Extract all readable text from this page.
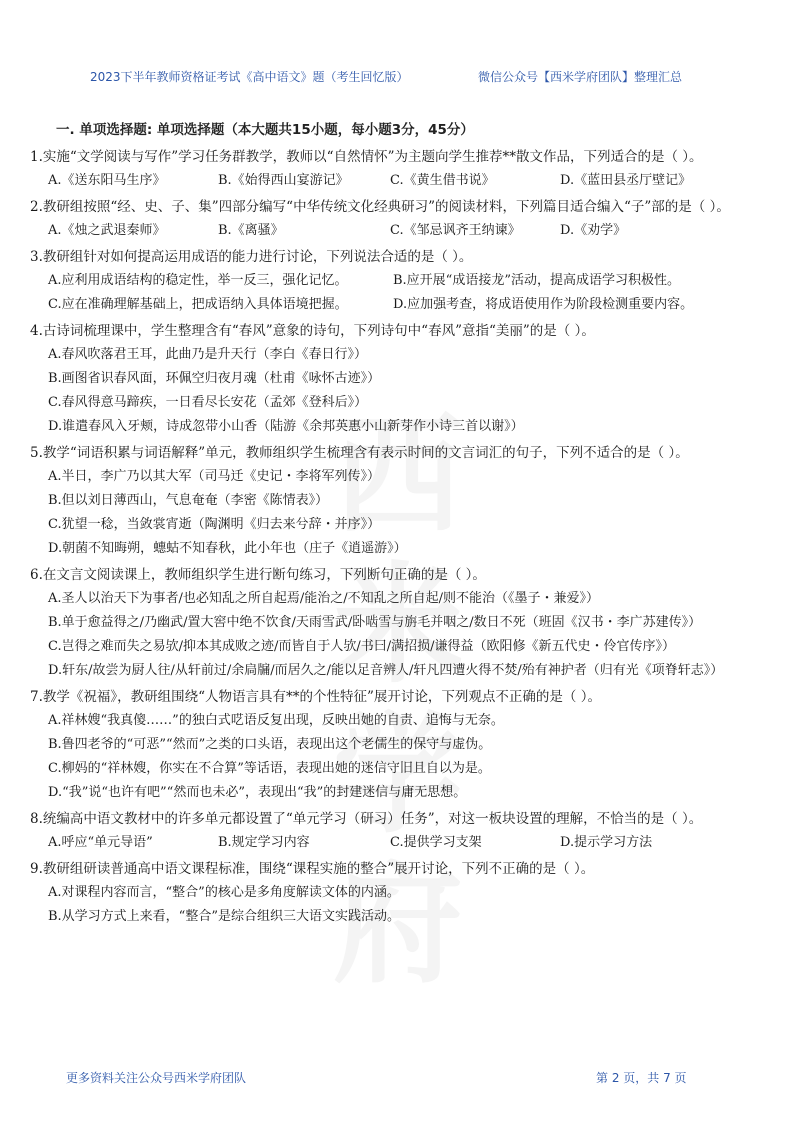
2023下半年教师资格证考试《高中语文》题（考生回忆版）	微信公众号【西米学府团队】整理汇总
一. 单项选择题: 单项选择题（本大题共15小题，每小题3分，45分）

1.实施“文学阅读与写作”学习任务群教学，教师以“自然情怀”为主题向学生推荐**散文作品，下列适合的是（ ）。

A.《送东阳马生序》	B.《始得西山宴游记》	C.《黄生借书说》	D.《蓝田县丞厅壁记》

2.教研组按照“经、史、子、集”四部分编写“中华传统文化经典研习”的阅读材料，下列篇目适合编入“子”部的是（ ）。

A.《烛之武退秦师》	B.《离骚》	C.《邹忌讽齐王纳谏》	D.《劝学》

3.教研组针对如何提高运用成语的能力进行讨论，下列说法合适的是（ ）。

A.应利用成语结构的稳定性，举一反三，强化记忆。	B.应开展“成语接龙”活动，提高成语学习积极性。
C.应在准确理解基础上，把成语纳入具体语境把握。	D.应加强考查，将成语使用作为阶段检测重要内容。

4.古诗词梳理课中，学生整理含有“春风”意象的诗句，下列诗句中“春风”意指“美丽”的是（ ）。

A.春风吹落君王耳，此曲乃是升天行（李白《春日行》）
B.画图省识春风面，环佩空归夜月魂（杜甫《咏怀古迹》）
C.春风得意马蹄疾，一日看尽长安花（孟郊《登科后》）
D.谁遣春风入牙颊，诗成忽带小山香（陆游《余邦英惠小山新芽作小诗三首以谢》）

5.教学“词语积累与词语解释”单元，教师组织学生梳理含有表示时间的文言词汇的句子，下列不适合的是（ ）。

A.半日，李广乃以其大军（司马迁《史记・李将军列传》）
B.但以刘日薄西山，气息奄奄（李密《陈情表》）
C.犹望一稔，当敛裳宵逝（陶渊明《归去来兮辞・并序》）
D.朝菌不知晦朔，蟪蛄不知春秋，此小年也（庄子《逍遥游》）

6.在文言文阅读课上，教师组织学生进行断句练习，下列断句正确的是（ ）。

A.圣人以治天下为事者/也必知乱之所自起焉/能治之/不知乱之所自起/则不能治（《墨子・兼爱》）
B.单于愈益得之/乃幽武/置大窖中绝不饮食/天雨雪武/卧啮雪与旃毛并咽之/数日不死（班固《汉书・李广苏建传》）
C.岂得之难而失之易欤/抑本其成败之迹/而皆自于人欤/书曰/满招损/谦得益（欧阳修《新五代史・伶官传序》）
D.轩东/故尝为厨人往/从轩前过/余扃牖/而居久之/能以足音辨人/轩凡四遭火得不焚/殆有神护者（归有光《项脊轩志》）

7.教学《祝福》，教研组围绕“人物语言具有**的个性特征”展开讨论，下列观点不正确的是（ ）。

A.祥林嫂“我真傻……”的独白式呓语反复出现，反映出她的自责、追悔与无奈。
B.鲁四老爷的“可恶”“然而”之类的口头语，表现出这个老儒生的保守与虚伪。
C.柳妈的“祥林嫂，你实在不合算”等话语，表现出她的迷信守旧且自以为是。
D.“我”说“也许有吧”“然而也未必”，表现出“我”的封建迷信与庸无思想。

8.统编高中语文教材中的许多单元都设置了“单元学习（研习）任务”，对这一板块设置的理解，不恰当的是（ ）。

A.呼应“单元导语”	B.规定学习内容	C.提供学习支架	D.提示学习方法

9.教研组研读普通高中语文课程标准，围绕“课程实施的整合”展开讨论，下列不正确的是（ ）。

A.对课程内容而言，“整合”的核心是多角度解读文体的内涵。
B.从学习方式上来看，“整合”是综合组织三大语文实践活动。
更多资料关注公众号西米学府团队	第 2 页，共 7 页
